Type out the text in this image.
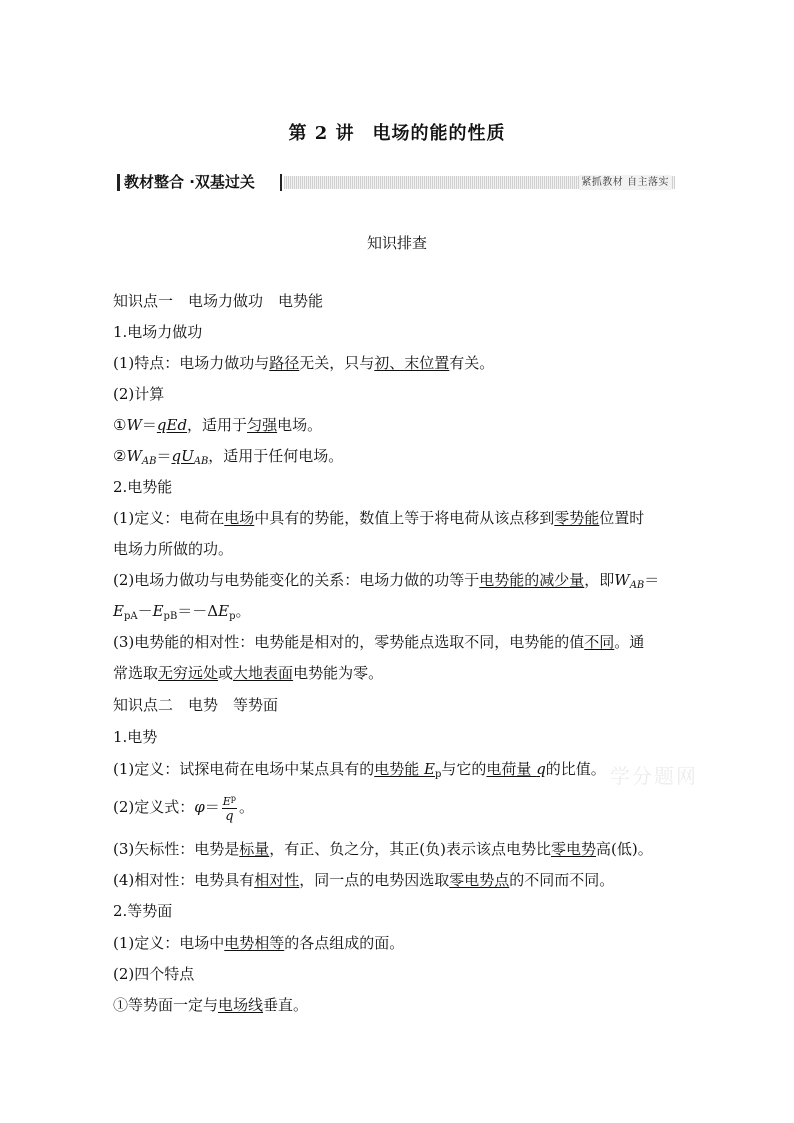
第 2 讲 电场的能的性质
教材整合 ·双基过关	紧抓教材 自主落实
知识排查
学分题网
知识点一　电场力做功　电势能
1.电场力做功
(1)特点：电场力做功与路径无关，只与初、末位置有关。
(2)计算
①W＝qEd，适用于匀强电场。
$②W_{AB}=qU_{AB}$，适用于任何电场。
2.电势能
(1)定义：电荷在电场中具有的势能，数值上等于将电荷从该点移到零势能位置时
电场力所做的功。
(2)电场力做功与电势能变化的关系：电场力做的功等于电势能的减少量，即$W_{AB}=$
$E_{pA}-E_{pB}=-\Delta E_p$。
(3)电势能的相对性：电势能是相对的，零势能点选取不同，电势能的值不同。通
常选取无穷远处或大地表面电势能为零。
知识点二　电势　等势面
1.电势
(1)定义：试探电荷在电场中某点具有的电势能 $E_p$与它的电荷量 q的比值。
(2)定义式：$\varphi= \frac{E^p}{q}$ 。
(3)矢标性：电势是标量，有正、负之分，其正(负)表示该点电势比零电势高(低)。
(4)相对性：电势具有相对性，同一点的电势因选取零电势点的不同而不同。
2.等势面
(1)定义：电场中电势相等的各点组成的面。
(2)四个特点
①等势面一定与电场线垂直。
